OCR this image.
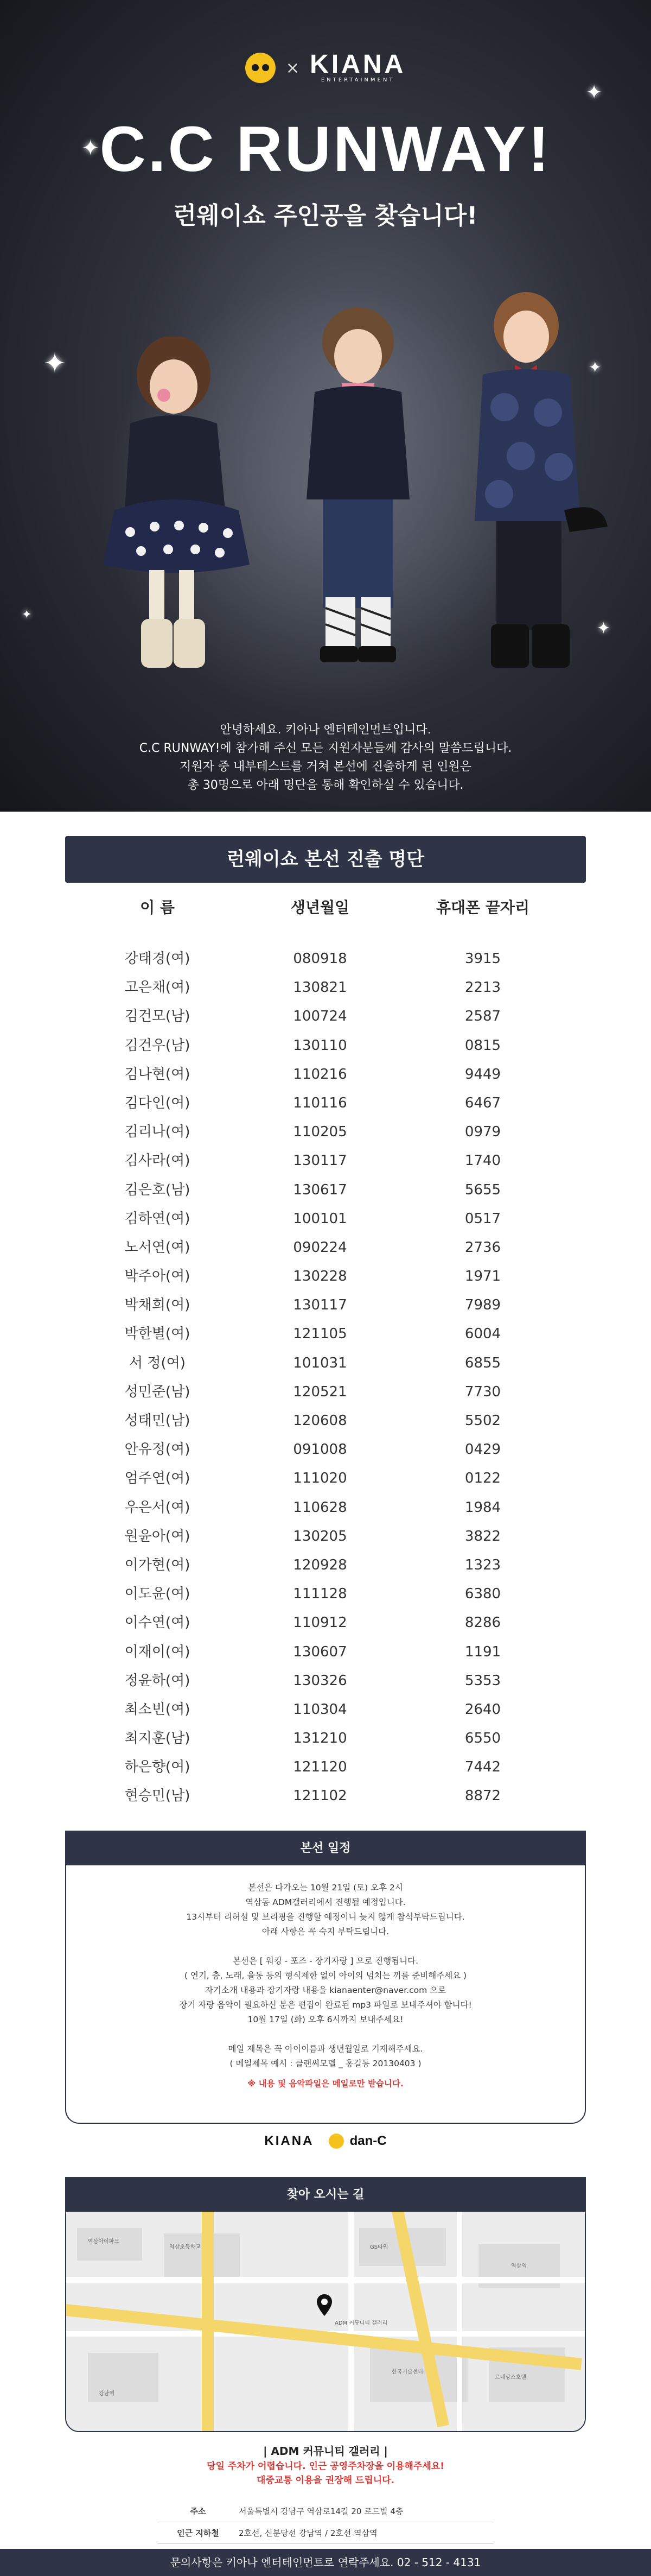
× KIANA
ENTERTAINMENT
C.C RUNWAY!
런웨이쇼 주인공을 찾습니다!
✦
✦
✦	✦
✦
✦

안녕하세요. 키아나 엔터테인먼트입니다.

C.C RUNWAY!에 참가해 주신 모든 지원자분들께 감사의 말씀드립니다.

지원자 중 내부테스트를 거쳐 본선에 진출하게 된 인원은

총 30명으로 아래 명단을 통해 확인하실 수 있습니다.

런웨이쇼 본선 진출 명단
이 름	생년월일	휴대폰 끝자리
강태경(여)	080918	3915
고은채(여)	130821	2213
김건모(남)	100724	2587
김건우(남)	130110	0815
김나현(여)	110216	9449
김다인(여)	110116	6467
김리나(여)	110205	0979
김사라(여)	130117	1740
김은호(남)	130617	5655
김하연(여)	100101	0517
노서연(여)	090224	2736
박주아(여)	130228	1971
박채희(여)	130117	7989
박한별(여)	121105	6004
서 정(여)	101031	6855
성민준(남)	120521	7730
성태민(남)	120608	5502
안유정(여)	091008	0429
엄주연(여)	111020	0122
우은서(여)	110628	1984
원윤아(여)	130205	3822
이가현(여)	120928	1323
이도윤(여)	111128	6380
이수연(여)	110912	8286
이재이(여)	130607	1191
정윤하(여)	130326	5353
최소빈(여)	110304	2640
최지훈(남)	131210	6550
하은향(여)	121120	7442
현승민(남)	121102	8872
본선 일정

본선은 다가오는 10월 21일 (토) 오후 2시

역삼동 ADM갤러리에서 진행될 예정입니다.

13시부터 리허설 및 브리핑을 진행할 예정이니 늦지 않게 참석부탁드립니다.

아래 사항은 꼭 숙지 부탁드립니다.

본선은 [ 워킹 - 포즈 - 장기자랑 ] 으로 진행됩니다.

( 연기, 춤, 노래, 율동 등의 형식제한 없이 아이의 넘치는 끼를 준비해주세요 )

자기소개 내용과 장기자랑 내용을 kianaenter@naver.com 으로

장기 자랑 음악이 필요하신 분은 편집이 완료된 mp3 파일로 보내주셔야 합니다!

10월 17일 (화) 오후 6시까지 보내주세요!

메일 제목은 꼭 아이이름과 생년월일로 기재해주세요.

( 메일제목 예시 : 클랜씨모델 _ 홍길동 20130403 )

※ 내용 및 음악파일은 메일로만 받습니다.

KIANA	dan-C
찾아 오시는 길
역삼역
강남역
ADM 커뮤니티 갤러리
역삼초등학교
르네상스호텔
한국기술센터
GS타워
역삼아이파크
| ADM 커뮤니티 갤러리 |
당일 주차가 어렵습니다. 인근 공영주차장을 이용해주세요!
대중교통 이용을 권장해 드립니다.
주소	서울특별시 강남구 역삼로14길 20 로드빌 4층
인근 지하철	2호선, 신분당선 강남역 / 2호선 역삼역
문의사항은 키아나 엔터테인먼트로 연락주세요. 02 - 512 - 4131
